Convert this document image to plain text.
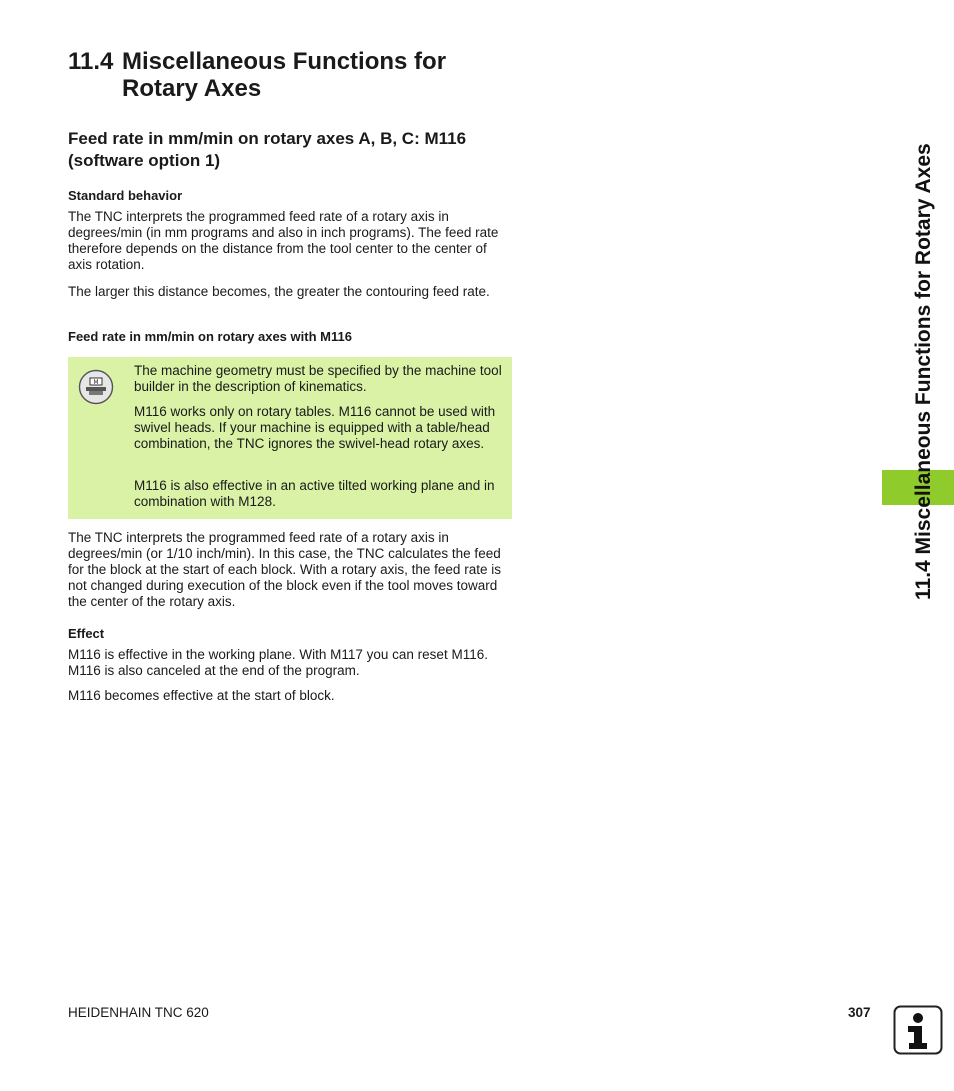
11.4 Miscellaneous Functions for
Rotary Axes
Feed rate in mm/min on rotary axes A, B, C: M116 (software option 1)
Standard behavior

The TNC interprets the programmed feed rate of a rotary axis in degrees/min (in mm programs and also in inch programs). The feed rate therefore depends on the distance from the tool center to the center of axis rotation.

The larger this distance becomes, the greater the contouring feed rate.

Feed rate in mm/min on rotary axes with M116
M

The machine geometry must be specified by the machine tool builder in the description of kinematics.

M116 works only on rotary tables. M116 cannot be used with swivel heads. If your machine is equipped with a table/head combination, the TNC ignores the swivel-head rotary axes.

M116 is also effective in an active tilted working plane and in combination with M128.

The TNC interprets the programmed feed rate of a rotary axis in degrees/min (or 1/10 inch/min). In this case, the TNC calculates the feed for the block at the start of each block. With a rotary axis, the feed rate is not changed during execution of the block even if the tool moves toward the center of the rotary axis.

Effect

M116 is effective in the working plane. With M117 you can reset M116. M116 is also canceled at the end of the program.

M116 becomes effective at the start of block.

11.4 Miscellaneous Functions for Rotary Axes
HEIDENHAIN TNC 620	307
